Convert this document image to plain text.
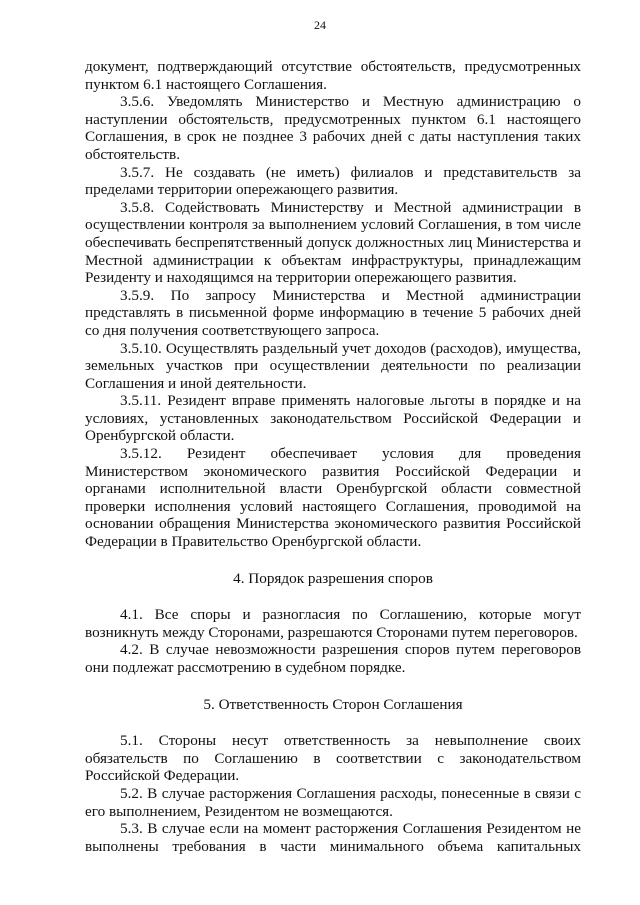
24

документ, подтверждающий отсутствие обстоятельств, предусмотренных пунктом 6.1 настоящего Соглашения.

3.5.6. Уведомлять Министерство и Местную администрацию о наступлении обстоятельств, предусмотренных пунктом 6.1 настоящего Соглашения, в срок не позднее 3 рабочих дней с даты наступления таких обстоятельств.

3.5.7. Не создавать (не иметь) филиалов и представительств за пределами территории опережающего развития.

3.5.8. Содействовать Министерству и Местной администрации в осуществлении контроля за выполнением условий Соглашения, в том числе обеспечивать беспрепятственный допуск должностных лиц Министерства и Местной администрации к объектам инфраструктуры, принадлежащим Резиденту и находящимся на территории опережающего развития.

3.5.9. По запросу Министерства и Местной администрации представлять в письменной форме информацию в течение 5 рабочих дней со дня получения соответствующего запроса.

3.5.10. Осуществлять раздельный учет доходов (расходов), имущества, земельных участков при осуществлении деятельности по реализации Соглашения и иной деятельности.

3.5.11. Резидент вправе применять налоговые льготы в порядке и на условиях, установленных законодательством Российской Федерации и Оренбургской области.

3.5.12. Резидент обеспечивает условия для проведения Министерством экономического развития Российской Федерации и органами исполнительной власти Оренбургской области совместной проверки исполнения условий настоящего Соглашения, проводимой на основании обращения Министерства экономического развития Российской Федерации в Правительство Оренбургской области.

4. Порядок разрешения споров

4.1. Все споры и разногласия по Соглашению, которые могут возникнуть между Сторонами, разрешаются Сторонами путем переговоров.

4.2. В случае невозможности разрешения споров путем переговоров они подлежат рассмотрению в судебном порядке.

5. Ответственность Сторон Соглашения

5.1. Стороны несут ответственность за невыполнение своих обязательств по Соглашению в соответствии с законодательством Российской Федерации.

5.2. В случае расторжения Соглашения расходы, понесенные в связи с его выполнением, Резидентом не возмещаются.

5.3. В случае если на момент расторжения Соглашения Резидентом не выполнены требования в части минимального объема капитальных
